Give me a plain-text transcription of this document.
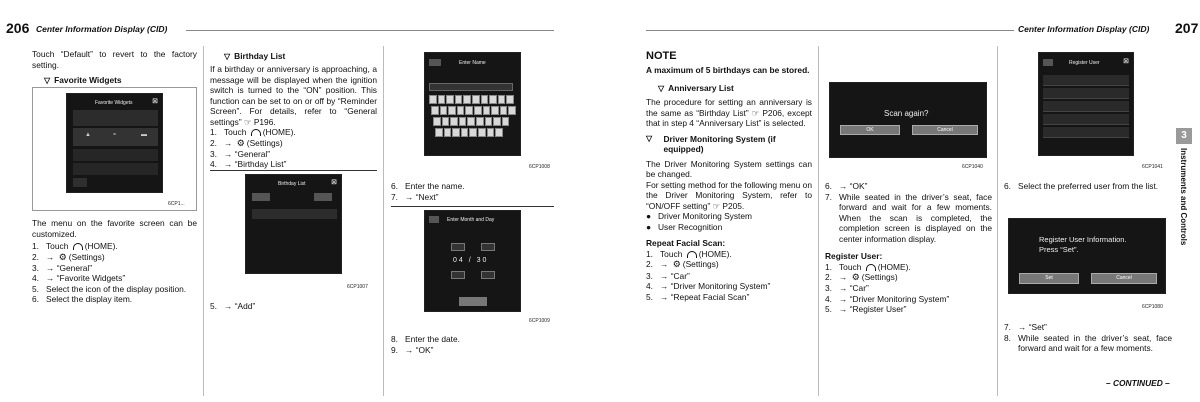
206 Center Information Display (CID)

Touch “Default” to revert to the factory setting.

▽ Favorite Widgets

Favorite Widgets	⊠
▲	≈	▬
6CP1...

The menu on the favorite screen can be customized.

1. Touch (HOME).
2. → ⚙ (Settings)
3. → “General”
4. → “Favorite Widgets”
5. Select the icon of the display position.
6. Select the display item.

▽ Birthday List

If a birthday or anniversary is approaching, a message will be displayed when the ignition switch is turned to the “ON” position. This function can be set to on or off by “Reminder Screen”. For details, refer to “General settings” ☞ P196.

1. Touch (HOME).
2. → ⚙ (Settings)
3. → “General”
4. → “Birthday List”
Birthday List	⊠
6CP1007
5. → “Add”
Enter Name
6CP1008
6. Enter the name.
7. → “Next”
Enter Month and Day
04 / 30
6CP1009
8. Enter the date.
9. → “OK”
Center Information Display (CID) 207

NOTE

A maximum of 5 birthdays can be stored.

▽ Anniversary List

The procedure for setting an anniversary is the same as “Birthday List” ☞ P206, except that in step 4 “Anniversary List” is selected.

▽	Driver Monitoring System (if equipped)

The Driver Monitoring System settings can be changed.

For setting method for the following menu on the Driver Monitoring System, refer to “ON/OFF setting” ☞ P205.

● Driver Monitoring System
● User Recognition

Repeat Facial Scan:

1. Touch (HOME).
2. → ⚙ (Settings)
3. → “Car”
4. → “Driver Monitoring System”
5. → “Repeat Facial Scan”
Scan again?
OK	Cancel
6CP1040
6. → “OK”
7. While seated in the driver’s seat, face forward and wait for a few moments. When the scan is completed, the completion screen is displayed on the center information display.

Register User:

1. Touch (HOME).
2. → ⚙ (Settings)
3. → “Car”
4. → “Driver Monitoring System”
5. → “Register User”
Register User	⊠
6CP1041
6. Select the preferred user from the list.
Register User Information.
Press “Set”.
Set	Cancel
6CP1080
7. → “Set”
8. While seated in the driver’s seat, face forward and wait for a few moments.
– CONTINUED –
3
Instruments and Controls
